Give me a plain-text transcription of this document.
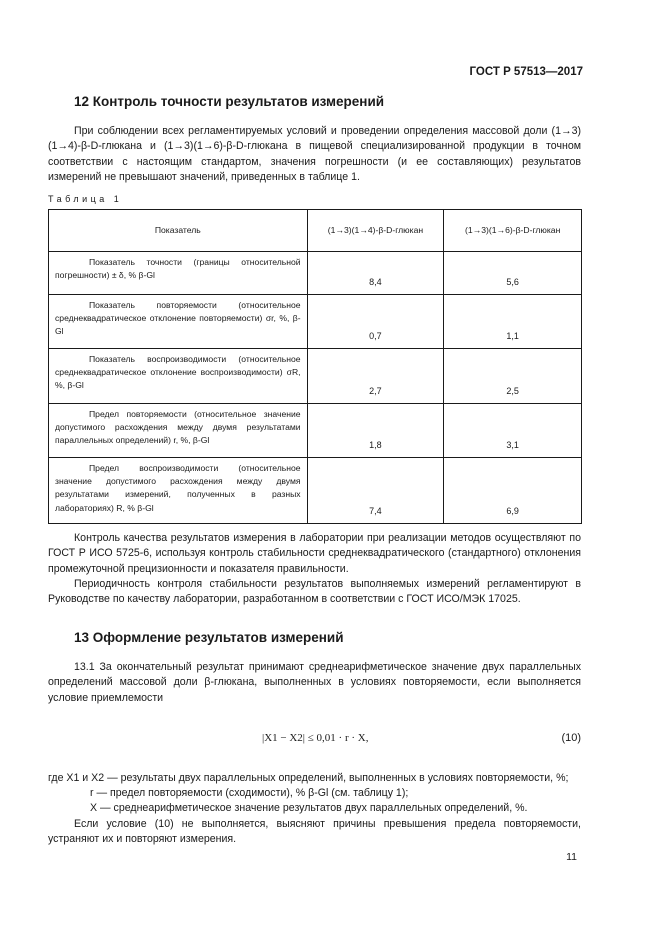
ГОСТ Р 57513—2017
12 Контроль точности результатов измерений

При соблюдении всех регламентируемых условий и проведении определения массовой доли (1→3)(1→4)-β-D-глюкана и (1→3)(1→6)-β-D-глюкана в пищевой специализированной продукции в точном соответствии с настоящим стандартом, значения погрешности (и ее составляющих) результатов измерений не превышают значений, приведенных в таблице 1.

Таблица 1
Показатель	(1→3)(1→4)-β-D-глюкан	(1→3)(1→6)-β-D-глюкан
Показатель точности (границы относительной погрешности) ± δ, % β-Gl	8,4	5,6
Показатель повторяемости (относительное среднеквадратическое отклонение повторяемости) σr, %, β-Gl	0,7	1,1
Показатель воспроизводимости (относительное среднеквадратическое отклонение воспроизводимости) σR, %, β-Gl	2,7	2,5
Предел повторяемости (относительное значение допустимого расхождения между двумя результатами параллельных определений) r, %, β-Gl	1,8	3,1
Предел воспроизводимости (относительное значение допустимого расхождения между двумя результатами измерений, полученных в разных лабораториях) R, % β-Gl	7,4	6,9

Контроль качества результатов измерения в лаборатории при реализации методов осуществляют по ГОСТ Р ИСО 5725-6, используя контроль стабильности среднеквадратического (стандартного) отклонения промежуточной прецизионности и показателя правильности.

Периодичность контроля стабильности результатов выполняемых измерений регламентируют в Руководстве по качеству лаборатории, разработанном в соответствии с ГОСТ ИСО/МЭК 17025.

13 Оформление результатов измерений

13.1 За окончательный результат принимают среднеарифметическое значение двух параллельных определений массовой доли β-глюкана, выполненных в условиях повторяемости, если выполняется условие приемлемости

|X1 − X2| ≤ 0,01 · r · X,	(10)
где X1 и X2 — результаты двух параллельных определений, выполненных в условиях повторяемости, %;
r — предел повторяемости (сходимости), % β-Gl (см. таблицу 1);
X — среднеарифметическое значение результатов двух параллельных определений, %.

Если условие (10) не выполняется, выясняют причины превышения предела повторяемости, устраняют их и повторяют измерения.

11
